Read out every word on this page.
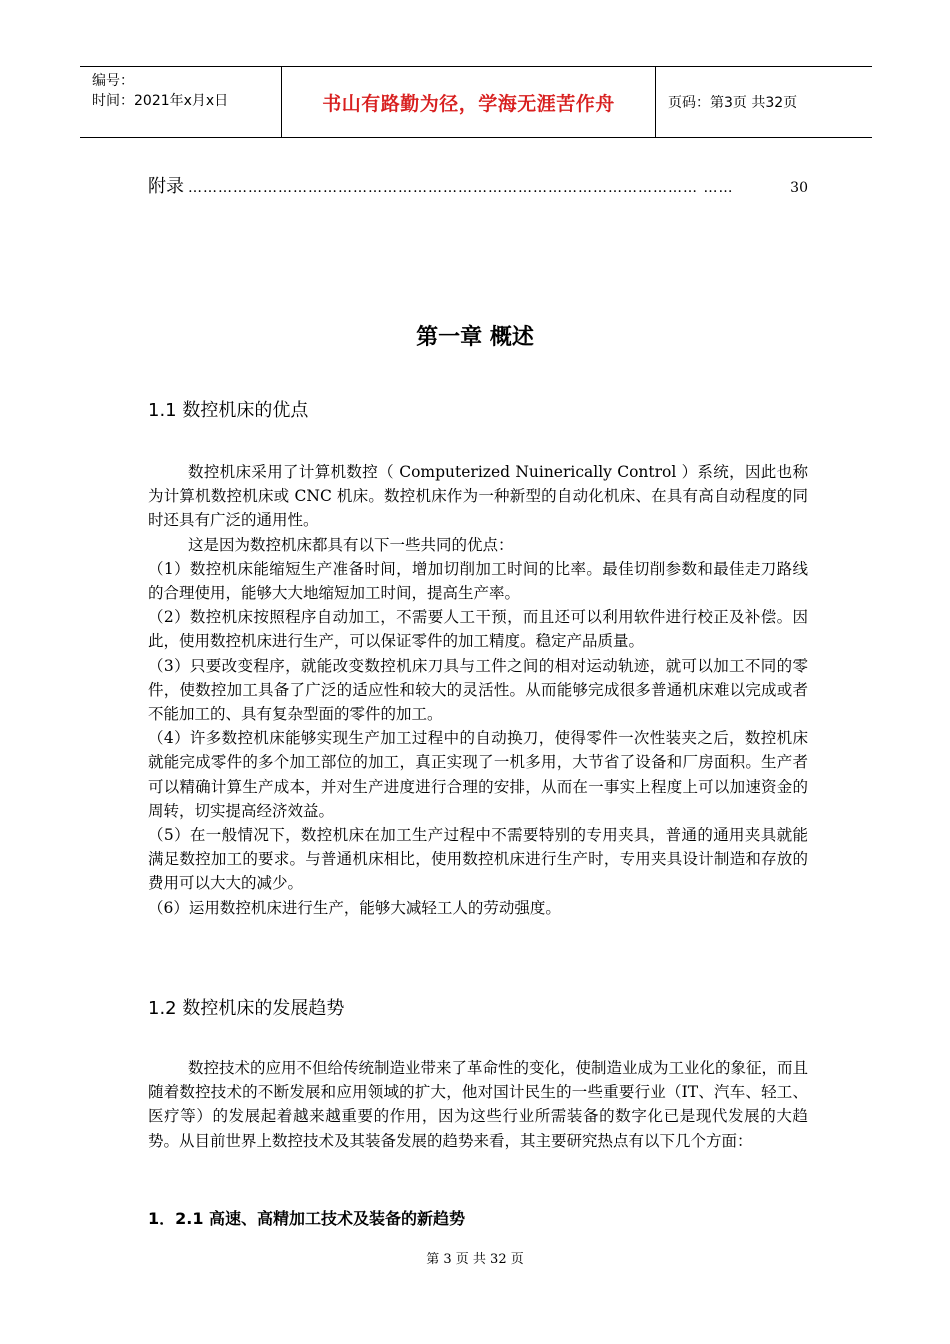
编号：
时间：2021年x月x日	书山有路勤为径，学海无涯苦作舟	页码：第3页 共32页
附录 ………………………………………………………………………………………… ……	30
第一章 概述
1.1 数控机床的优点

数控机床采用了计算机数控（ Computerized Nuinerically Control ）系统，因此也称为计算机数控机床或 CNC 机床。数控机床作为一种新型的自动化机床、在具有高自动程度的同时还具有广泛的通用性。

这是因为数控机床都具有以下一些共同的优点：

（1）数控机床能缩短生产准备时间，增加切削加工时间的比率。最佳切削参数和最佳走刀路线的合理使用，能够大大地缩短加工时间，提高生产率。

（2）数控机床按照程序自动加工，不需要人工干预，而且还可以利用软件进行校正及补偿。因此，使用数控机床进行生产，可以保证零件的加工精度。稳定产品质量。

（3）只要改变程序，就能改变数控机床刀具与工件之间的相对运动轨迹，就可以加工不同的零件，使数控加工具备了广泛的适应性和较大的灵活性。从而能够完成很多普通机床难以完成或者不能加工的、具有复杂型面的零件的加工。

（4）许多数控机床能够实现生产加工过程中的自动换刀，使得零件一次性装夹之后，数控机床就能完成零件的多个加工部位的加工，真正实现了一机多用，大节省了设备和厂房面积。生产者可以精确计算生产成本，并对生产进度进行合理的安排，从而在一事实上程度上可以加速资金的周转，切实提高经济效益。

（5）在一般情况下，数控机床在加工生产过程中不需要特别的专用夹具，普通的通用夹具就能满足数控加工的要求。与普通机床相比，使用数控机床进行生产时，专用夹具设计制造和存放的费用可以大大的减少。

（6）运用数控机床进行生产，能够大减轻工人的劳动强度。

1.2 数控机床的发展趋势

数控技术的应用不但给传统制造业带来了革命性的变化，使制造业成为工业化的象征，而且随着数控技术的不断发展和应用领域的扩大，他对国计民生的一些重要行业（IT、汽车、轻工、医疗等）的发展起着越来越重要的作用，因为这些行业所需装备的数字化已是现代发展的大趋势。从目前世界上数控技术及其装备发展的趋势来看，其主要研究热点有以下几个方面：

1．2.1 高速、高精加工技术及装备的新趋势
第 3 页 共 32 页
